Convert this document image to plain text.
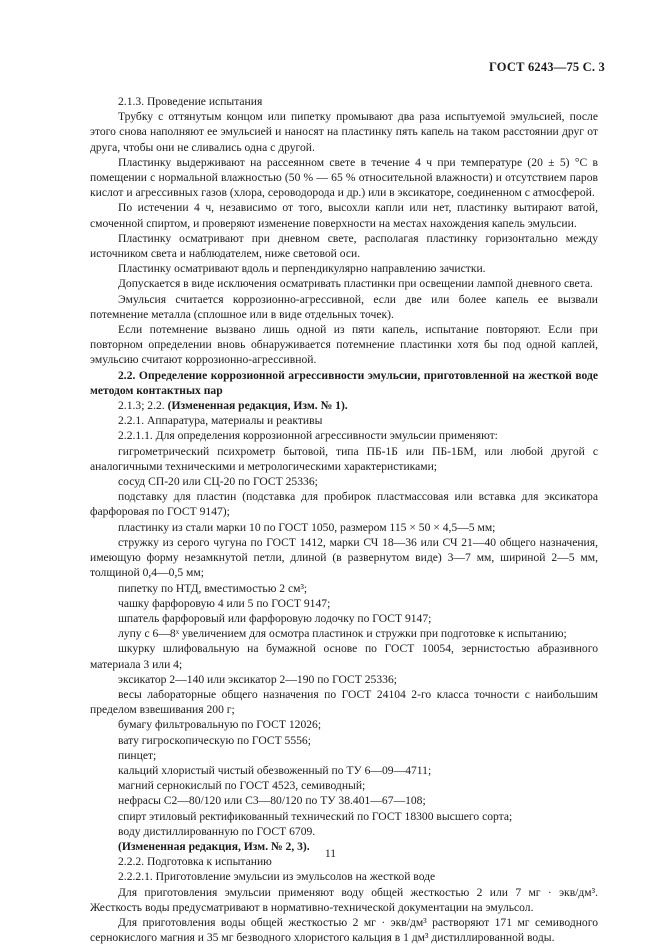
ГОСТ 6243—75 С. 3

2.1.3. Проведение испытания

Трубку с оттянутым концом или пипетку промывают два раза испытуемой эмульсией, после этого снова наполняют ее эмульсией и наносят на пластинку пять капель на таком расстоянии друг от друга, чтобы они не сливались одна с другой.

Пластинку выдерживают на рассеянном свете в течение 4 ч при температуре (20 ± 5) °С в помещении с нормальной влажностью (50 % — 65 % относительной влажности) и отсутствием паров кислот и агрессивных газов (хлора, сероводорода и др.) или в эксикаторе, соединенном с атмосферой.

По истечении 4 ч, независимо от того, высохли капли или нет, пластинку вытирают ватой, смоченной спиртом, и проверяют изменение поверхности на местах нахождения капель эмульсии.

Пластинку осматривают при дневном свете, располагая пластинку горизонтально между источником света и наблюдателем, ниже световой оси.

Пластинку осматривают вдоль и перпендикулярно направлению зачистки.

Допускается в виде исключения осматривать пластинки при освещении лампой дневного света.

Эмульсия считается коррозионно-агрессивной, если две или более капель ее вызвали потемнение металла (сплошное или в виде отдельных точек).

Если потемнение вызвано лишь одной из пяти капель, испытание повторяют. Если при повторном определении вновь обнаруживается потемнение пластинки хотя бы под одной каплей, эмульсию считают коррозионно-агрессивной.

2.2. Определение коррозионной агрессивности эмульсии, приготовленной на жесткой воде методом контактных пар

2.1.3; 2.2. (Измененная редакция, Изм. № 1).

2.2.1. Аппаратура, материалы и реактивы

2.2.1.1. Для определения коррозионной агрессивности эмульсии применяют:

гигрометрический психрометр бытовой, типа ПБ-1Б или ПБ-1БМ, или любой другой с аналогичными техническими и метрологическими характеристиками;

сосуд СП-20 или СЦ-20 по ГОСТ 25336;

подставку для пластин (подставка для пробирок пластмассовая или вставка для эксикатора фарфоровая по ГОСТ 9147);

пластинку из стали марки 10 по ГОСТ 1050, размером 115 × 50 × 4,5—5 мм;

стружку из серого чугуна по ГОСТ 1412, марки СЧ 18—36 или СЧ 21—40 общего назначения, имеющую форму незамкнутой петли, длиной (в развернутом виде) 3—7 мм, шириной 2—5 мм, толщиной 0,4—0,5 мм;

пипетку по НТД, вместимостью 2 см³;

чашку фарфоровую 4 или 5 по ГОСТ 9147;

шпатель фарфоровый или фарфоровую лодочку по ГОСТ 9147;

лупу с 6—8ˣ увеличением для осмотра пластинок и стружки при подготовке к испытанию;

шкурку шлифовальную на бумажной основе по ГОСТ 10054, зернистостью абразивного материала 3 или 4;

эксикатор 2—140 или эксикатор 2—190 по ГОСТ 25336;

весы лабораторные общего назначения по ГОСТ 24104 2-го класса точности с наибольшим пределом взвешивания 200 г;

бумагу фильтровальную по ГОСТ 12026;

вату гигроскопическую по ГОСТ 5556;

пинцет;

кальций хлористый чистый обезвоженный по ТУ 6—09—4711;

магний сернокислый по ГОСТ 4523, семиводный;

нефрасы С2—80/120 или С3—80/120 по ТУ 38.401—67—108;

спирт этиловый ректификованный технический по ГОСТ 18300 высшего сорта;

воду дистиллированную по ГОСТ 6709.

(Измененная редакция, Изм. № 2, 3).

2.2.2. Подготовка к испытанию

2.2.2.1. Приготовление эмульсии из эмульсолов на жесткой воде

Для приготовления эмульсии применяют воду общей жесткостью 2 или 7 мг · экв/дм³. Жесткость воды предусматривают в нормативно-технической документации на эмульсол.

Для приготовления воды общей жесткостью 2 мг · экв/дм³ растворяют 171 мг семиводного сернокислого магния и 35 мг безводного хлористого кальция в 1 дм³ дистиллированной воды.

11
